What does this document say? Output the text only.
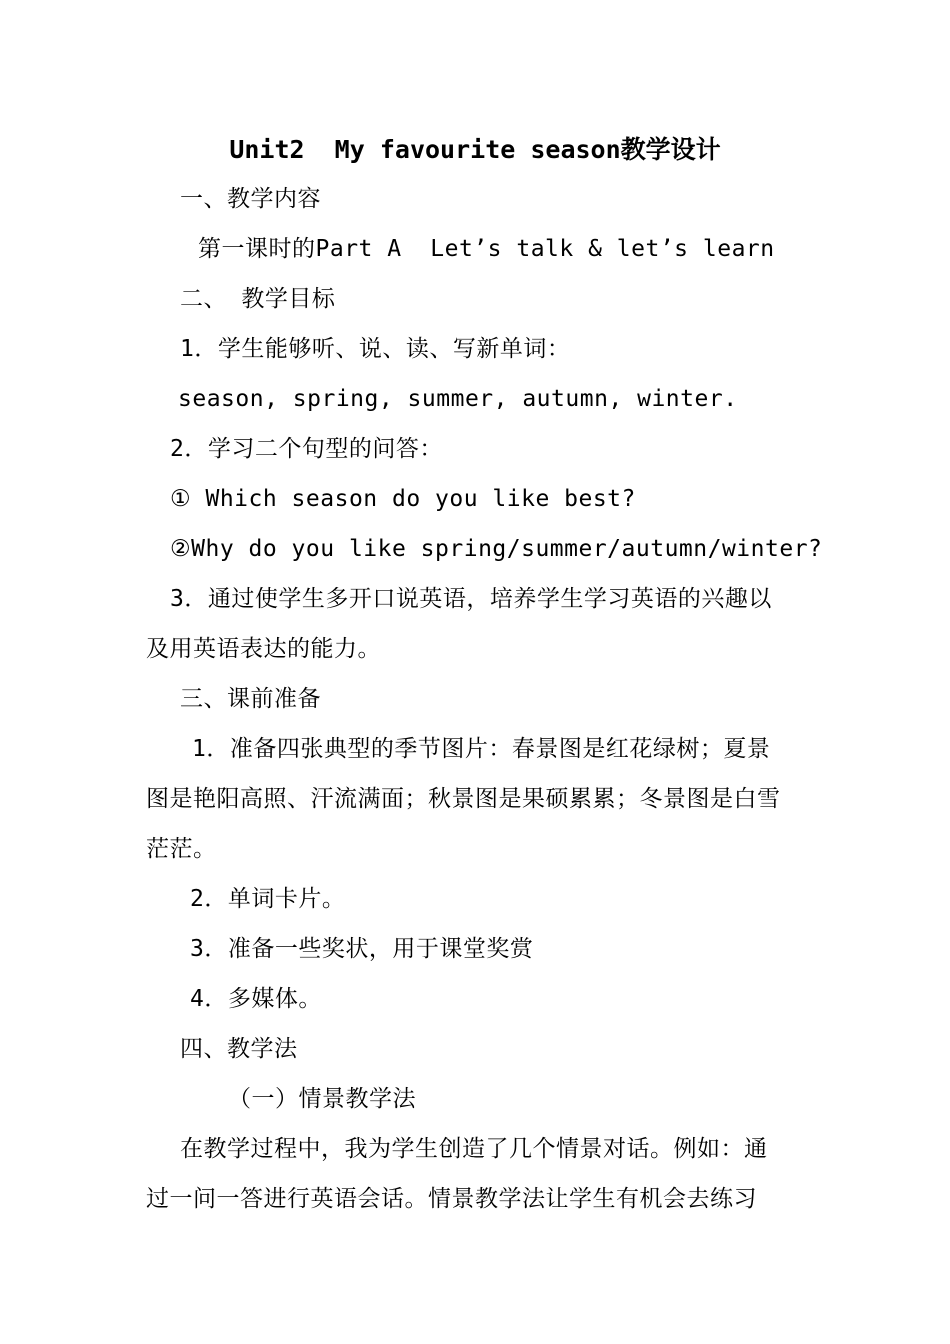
Unit2  My favourite season教学设计
一、教学内容
第一课时的Part A  Let’s talk & let’s learn
二、 教学目标
1．学生能够听、说、读、写新单词：
season, spring, summer, autumn, winter.
2．学习二个句型的问答：
① Which season do you like best?
②Why do you like spring/summer/autumn/winter?
3．通过使学生多开口说英语，培养学生学习英语的兴趣以
及用英语表达的能力。
三、课前准备
1．准备四张典型的季节图片：春景图是红花绿树；夏景
图是艳阳高照、汗流满面；秋景图是果硕累累；冬景图是白雪
茫茫。
2．单词卡片。
3．准备一些奖状，用于课堂奖赏
4．多媒体。
四、教学法
（一）情景教学法
在教学过程中，我为学生创造了几个情景对话。例如：通
过一问一答进行英语会话。情景教学法让学生有机会去练习
